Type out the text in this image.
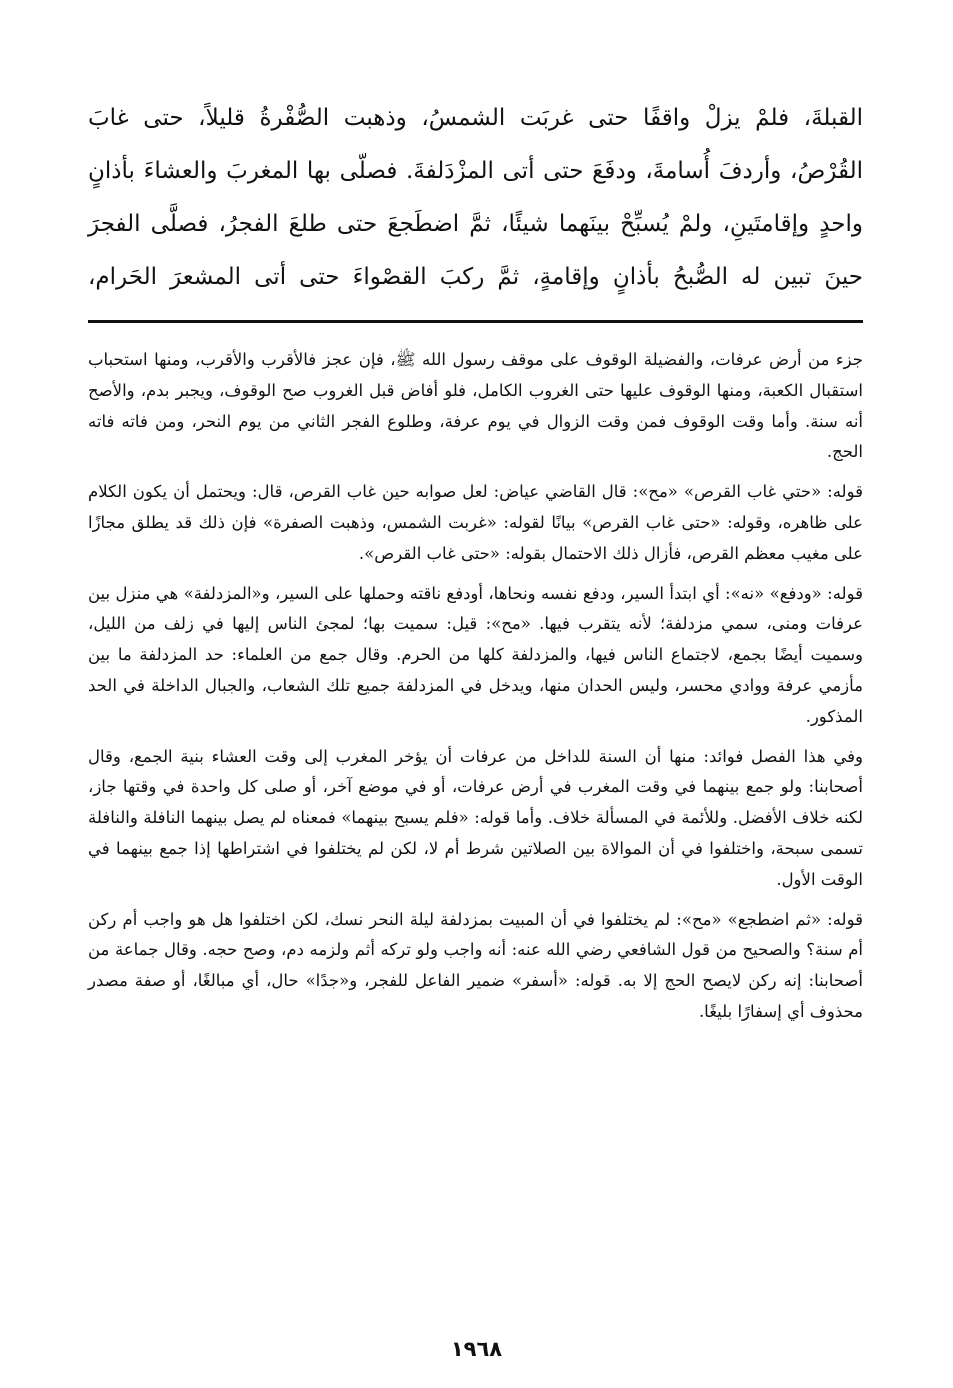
القبلةَ، فلمْ يزلْ واقفًا حتى غربَت الشمسُ، وذهبت الصُّفْرةُ قليلاً، حتى غابَ القُرْصُ، وأردفَ أُسامةَ، ودفَعَ حتى أتى المزْدَلفةَ. فصلّى بها المغربَ والعشاءَ بأذانٍ واحدٍ وإقامتَينِ، ولمْ يُسبِّحْ بينَهما شيئًا، ثمَّ اضطَجعَ حتى طلعَ الفجرُ، فصلَّى الفجرَ حينَ تبين له الصُّبحُ بأذانٍ وإقامةٍ، ثمَّ ركبَ القصْواءَ حتى أتى المشعرَ الحَرام،

جزء من أرض عرفات، والفضيلة الوقوف على موقف رسول الله ﷺ، فإن عجز فالأقرب والأقرب، ومنها استحباب استقبال الكعبة، ومنها الوقوف عليها حتى الغروب الكامل، فلو أفاض قبل الغروب صح الوقوف، ويجبر بدم، والأصح أنه سنة. وأما وقت الوقوف فمن وقت الزوال في يوم عرفة، وطلوع الفجر الثاني من يوم النحر، ومن فاته فاته الحج.

قوله: «حتي غاب القرص» «مح»: قال القاضي عياض: لعل صوابه حين غاب القرص، قال: ويحتمل أن يكون الكلام على ظاهره، وقوله: «حتى غاب القرص» بيانًا لقوله: «غربت الشمس، وذهبت الصفرة» فإن ذلك قد يطلق مجازًا على مغيب معظم القرص، فأزال ذلك الاحتمال بقوله: «حتى غاب القرص».

قوله: «ودفع» «نه»: أي ابتدأ السير، ودفع نفسه ونحاها، أودفع ناقته وحملها على السير، و«المزدلفة» هي منزل بين عرفات ومنى، سمي مزدلفة؛ لأنه يتقرب فيها. «مح»: قيل: سميت بها؛ لمجئ الناس إليها في زلف من الليل، وسميت أيضًا بجمع، لاجتماع الناس فيها، والمزدلفة كلها من الحرم. وقال جمع من العلماء: حد المزدلفة ما بين مأزمي عرفة ووادي محسر، وليس الحدان منها، ويدخل في المزدلفة جميع تلك الشعاب، والجبال الداخلة في الحد المذكور.

وفي هذا الفصل فوائد: منها أن السنة للداخل من عرفات أن يؤخر المغرب إلى وقت العشاء بنية الجمع، وقال أصحابنا: ولو جمع بينهما في وقت المغرب في أرض عرفات، أو في موضع آخر، أو صلى كل واحدة في وقتها جاز، لكنه خلاف الأفضل. وللأئمة في المسألة خلاف. وأما قوله: «فلم يسبح بينهما» فمعناه لم يصل بينهما النافلة والنافلة تسمى سبحة، واختلفوا في أن الموالاة بين الصلاتين شرط أم لا، لكن لم يختلفوا في اشتراطها إذا جمع بينهما في الوقت الأول.

قوله: «ثم اضطجع» «مح»: لم يختلفوا في أن المبيت بمزدلفة ليلة النحر نسك، لكن اختلفوا هل هو واجب أم ركن أم سنة؟ والصحيح من قول الشافعي رضي الله عنه: أنه واجب ولو تركه أثم ولزمه دم، وصح حجه. وقال جماعة من أصحابنا: إنه ركن لايصح الحج إلا به. قوله: «أسفر» ضمير الفاعل للفجر، و«جدًا» حال، أي مبالغًا، أو صفة مصدر محذوف أي إسفارًا بليغًا.

١٩٦٨
